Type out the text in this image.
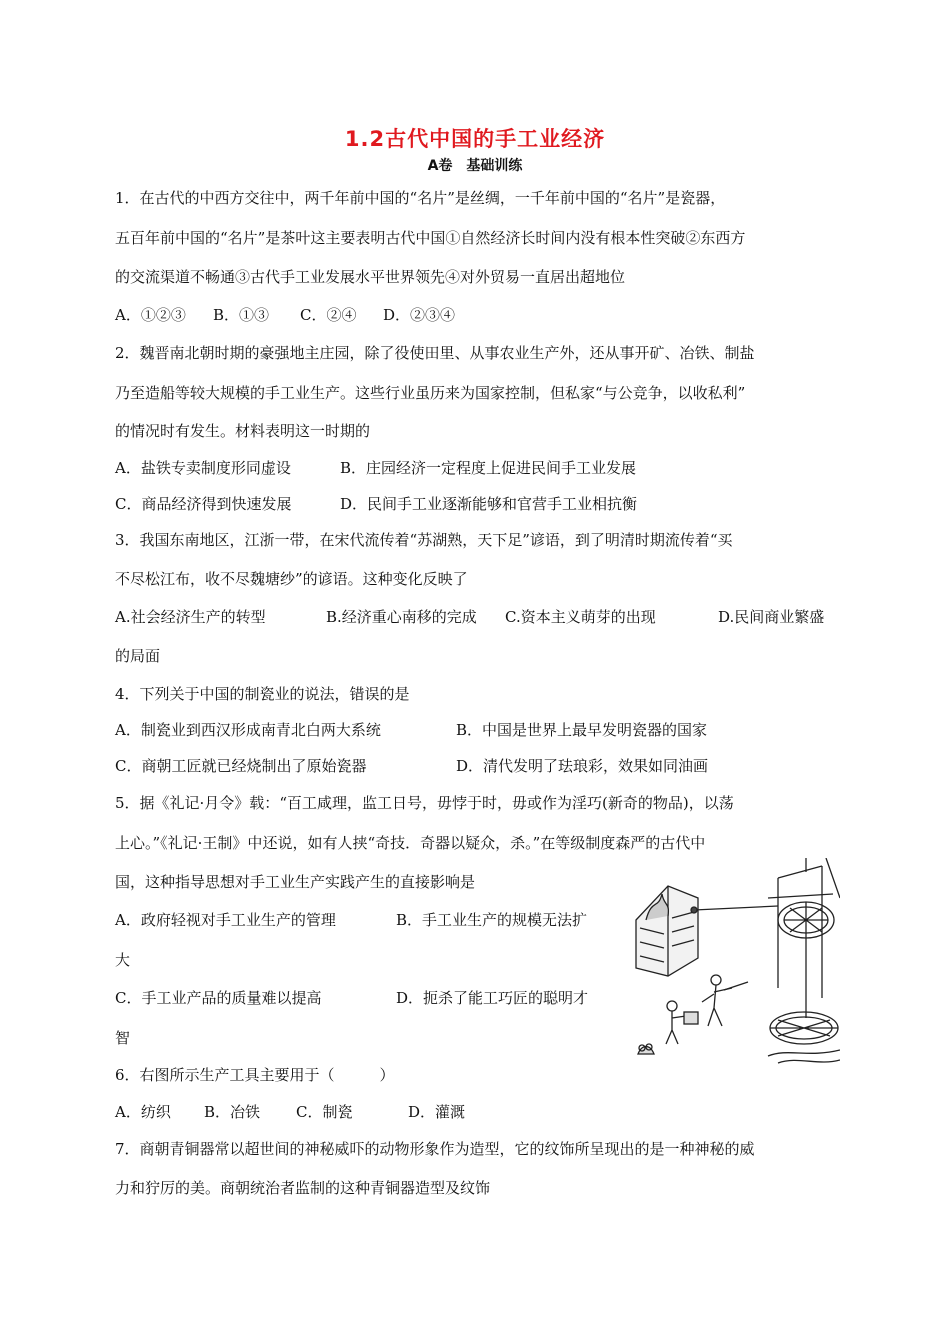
1.2古代中国的手工业经济
A卷　基础训练
1．在古代的中西方交往中，两千年前中国的“名片”是丝绸，一千年前中国的“名片”是瓷器，
五百年前中国的“名片”是茶叶这主要表明古代中国①自然经济长时间内没有根本性突破②东西方
的交流渠道不畅通③古代手工业发展水平世界领先④对外贸易一直居出超地位
A．①②③ B．①③ C．②④ D．②③④
2．魏晋南北朝时期的豪强地主庄园，除了役使田里、从事农业生产外，还从事开矿、冶铁、制盐
乃至造船等较大规模的手工业生产。这些行业虽历来为国家控制，但私家“与公竞争，以收私利”
的情况时有发生。材料表明这一时期的
A．盐铁专卖制度形同虚设	B．庄园经济一定程度上促进民间手工业发展
C．商品经济得到快速发展	D．民间手工业逐渐能够和官营手工业相抗衡
3．我国东南地区，江浙一带，在宋代流传着“苏湖熟，天下足”谚语，到了明清时期流传着“买
不尽松江布，收不尽魏塘纱”的谚语。这种变化反映了
A.社会经济生产的转型	B.经济重心南移的完成 C.资本主义萌芽的出现	D.民间商业繁盛
的局面
4．下列关于中国的制瓷业的说法，错误的是
A．制瓷业到西汉形成南青北白两大系统	B．中国是世界上最早发明瓷器的国家
C．商朝工匠就已经烧制出了原始瓷器	D．清代发明了珐琅彩，效果如同油画
5．据《礼记·月令》载：“百工咸理，监工日号，毋悖于时，毋或作为淫巧(新奇的物品)，以荡
上心。”《礼记·王制》中还说，如有人挟“奇技．奇器以疑众，杀。”在等级制度森严的古代中
国，这种指导思想对手工业生产实践产生的直接影响是
A．政府轻视对手工业生产的管理	B．手工业生产的规模无法扩
大
C．手工业产品的质量难以提高	D．扼杀了能工巧匠的聪明才
智
6．右图所示生产工具主要用于（　　　）
A．纺织 B．冶铁 C．制瓷	D．灌溉
7．商朝青铜器常以超世间的神秘威吓的动物形象作为造型，它的纹饰所呈现出的是一种神秘的威
力和狞厉的美。商朝统治者监制的这种青铜器造型及纹饰
